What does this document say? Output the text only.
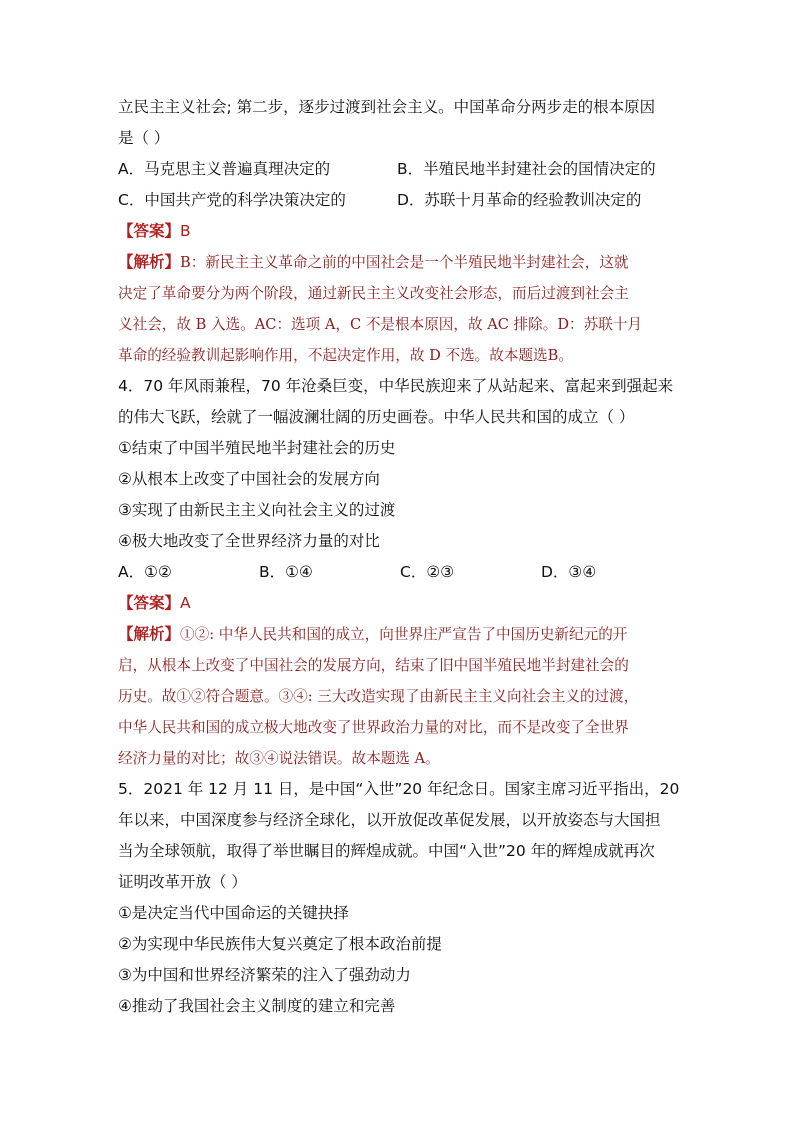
立民主主义社会; 第二步，逐步过渡到社会主义。中国革命分两步走的根本原因
是（ ）
A．马克思主义普遍真理决定的	B．半殖民地半封建社会的国情决定的
C．中国共产党的科学决策决定的	D．苏联十月革命的经验教训决定的
【答案】B
【解析】B：新民主主义革命之前的中国社会是一个半殖民地半封建社会，这就
决定了革命要分为两个阶段，通过新民主主义改变社会形态，而后过渡到社会主
义社会，故 B 入选。AC：选项 A，C 不是根本原因，故 AC 排除。D：苏联十月
革命的经验教训起影响作用，不起决定作用，故 D 不选。故本题选B。
4．70 年风雨兼程，70 年沧桑巨变，中华民族迎来了从站起来、富起来到强起来
的伟大飞跃，绘就了一幅波澜壮阔的历史画卷。中华人民共和国的成立（ ）
①结束了中国半殖民地半封建社会的历史
②从根本上改变了中国社会的发展方向
③实现了由新民主主义向社会主义的过渡
④极大地改变了全世界经济力量的对比
A．①②	B．①④	C．②③	D．③④
【答案】A
【解析】①②: 中华人民共和国的成立，向世界庄严宣告了中国历史新纪元的开
启，从根本上改变了中国社会的发展方向，结束了旧中国半殖民地半封建社会的
历史。故①②符合题意。③④: 三大改造实现了由新民主主义向社会主义的过渡，
中华人民共和国的成立极大地改变了世界政治力量的对比，而不是改变了全世界
经济力量的对比；故③④说法错误。故本题选 A。
5．2021 年 12 月 11 日，是中国“入世”20 年纪念日。国家主席习近平指出，20
年以来，中国深度参与经济全球化，以开放促改革促发展，以开放姿态与大国担
当为全球领航，取得了举世瞩目的辉煌成就。中国“入世”20 年的辉煌成就再次
证明改革开放（ ）
①是决定当代中国命运的关键抉择
②为实现中华民族伟大复兴奠定了根本政治前提
③为中国和世界经济繁荣的注入了强劲动力
④推动了我国社会主义制度的建立和完善
